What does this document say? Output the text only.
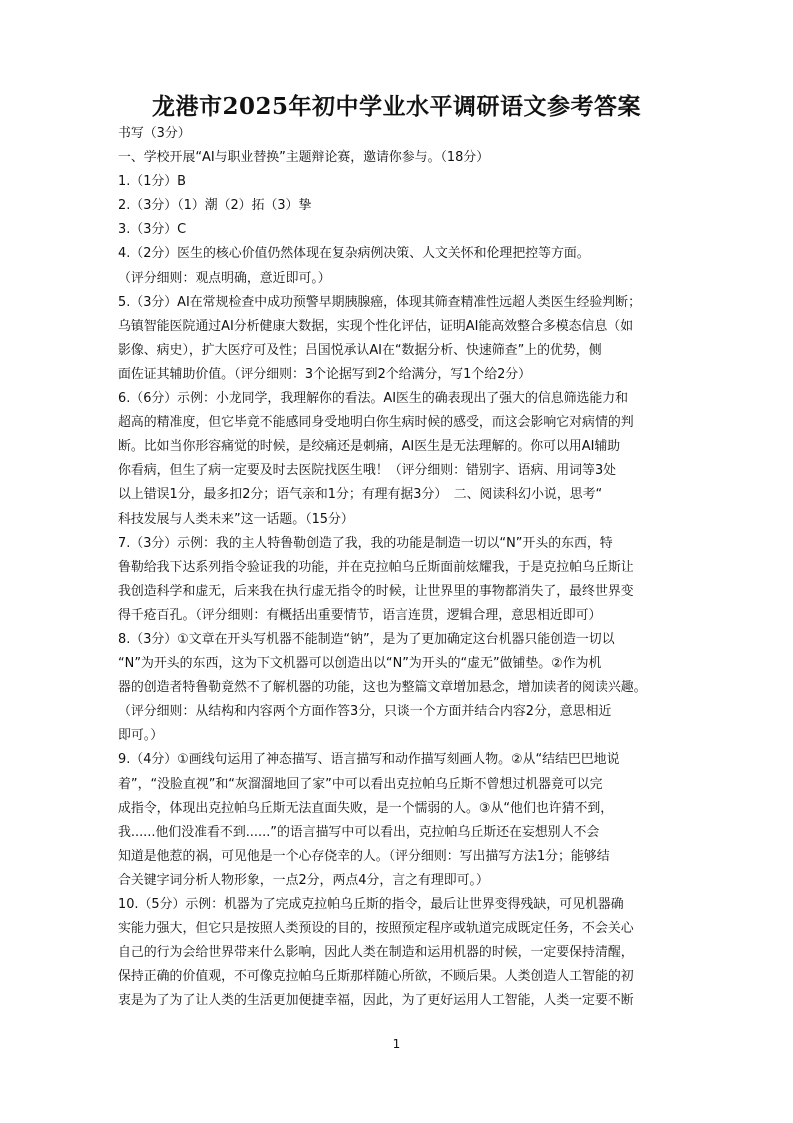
龙港市2025年初中学业水平调研语文参考答案
书写（3分）
一、学校开展“AI与职业替换”主题辩论赛，邀请你参与。（18分）
1.（1分）B
2.（3分）（1）潮（2）拓（3）挚
3.（3分）C
4.（2分）医生的核心价值仍然体现在复杂病例决策、人文关怀和伦理把控等方面。
（评分细则：观点明确，意近即可。）
5.（3分）AI在常规检查中成功预警早期胰腺癌，体现其筛查精准性远超人类医生经验判断；
乌镇智能医院通过AI分析健康大数据，实现个性化评估，证明AI能高效整合多模态信息（如
影像、病史），扩大医疗可及性；吕国悦承认AI在“数据分析、快速筛查”上的优势，侧
面佐证其辅助价值。（评分细则：3个论据写到2个给满分，写1个给2分）
6.（6分）示例：小龙同学，我理解你的看法。AI医生的确表现出了强大的信息筛选能力和
超高的精准度，但它毕竟不能感同身受地明白你生病时候的感受，而这会影响它对病情的判
断。比如当你形容痛觉的时候，是绞痛还是刺痛，AI医生是无法理解的。你可以用AI辅助
你看病，但生了病一定要及时去医院找医生哦！（评分细则：错别字、语病、用词等3处
以上错误1分，最多扣2分；语气亲和1分；有理有据3分）　二、阅读科幻小说，思考“
科技发展与人类未来”这一话题。（15分）
7.（3分）示例：我的主人特鲁勒创造了我，我的功能是制造一切以“N”开头的东西，特
鲁勒给我下达系列指令验证我的功能，并在克拉帕乌丘斯面前炫耀我，于是克拉帕乌丘斯让
我创造科学和虚无，后来我在执行虚无指令的时候，让世界里的事物都消失了，最终世界变
得千疮百孔。（评分细则：有概括出重要情节，语言连贯，逻辑合理，意思相近即可）
8.（3分）①文章在开头写机器不能制造“钠”，是为了更加确定这台机器只能创造一切以
“N”为开头的东西，这为下文机器可以创造出以“N”为开头的“虚无”做铺垫。②作为机
器的创造者特鲁勒竟然不了解机器的功能，这也为整篇文章增加悬念，增加读者的阅读兴趣。
（评分细则：从结构和内容两个方面作答3分，只谈一个方面并结合内容2分，意思相近
即可。）
9.（4分）①画线句运用了神态描写、语言描写和动作描写刻画人物。②从“结结巴巴地说
着”，“没脸直视”和“灰溜溜地回了家”中可以看出克拉帕乌丘斯不曾想过机器竟可以完
成指令，体现出克拉帕乌丘斯无法直面失败，是一个懦弱的人。③从“他们也许猜不到，
我......他们没准看不到......”的语言描写中可以看出，克拉帕乌丘斯还在妄想别人不会
知道是他惹的祸，可见他是一个心存侥幸的人。（评分细则：写出描写方法1分；能够结
合关键字词分析人物形象，一点2分，两点4分，言之有理即可。）
10.（5分）示例：机器为了完成克拉帕乌丘斯的指令，最后让世界变得残缺，可见机器确
实能力强大，但它只是按照人类预设的目的，按照预定程序或轨道完成既定任务，不会关心
自己的行为会给世界带来什么影响，因此人类在制造和运用机器的时候，一定要保持清醒，
保持正确的价值观，不可像克拉帕乌丘斯那样随心所欲，不顾后果。人类创造人工智能的初
衷是为了为了让人类的生活更加便捷幸福，因此，为了更好运用人工智能，人类一定要不断
1
